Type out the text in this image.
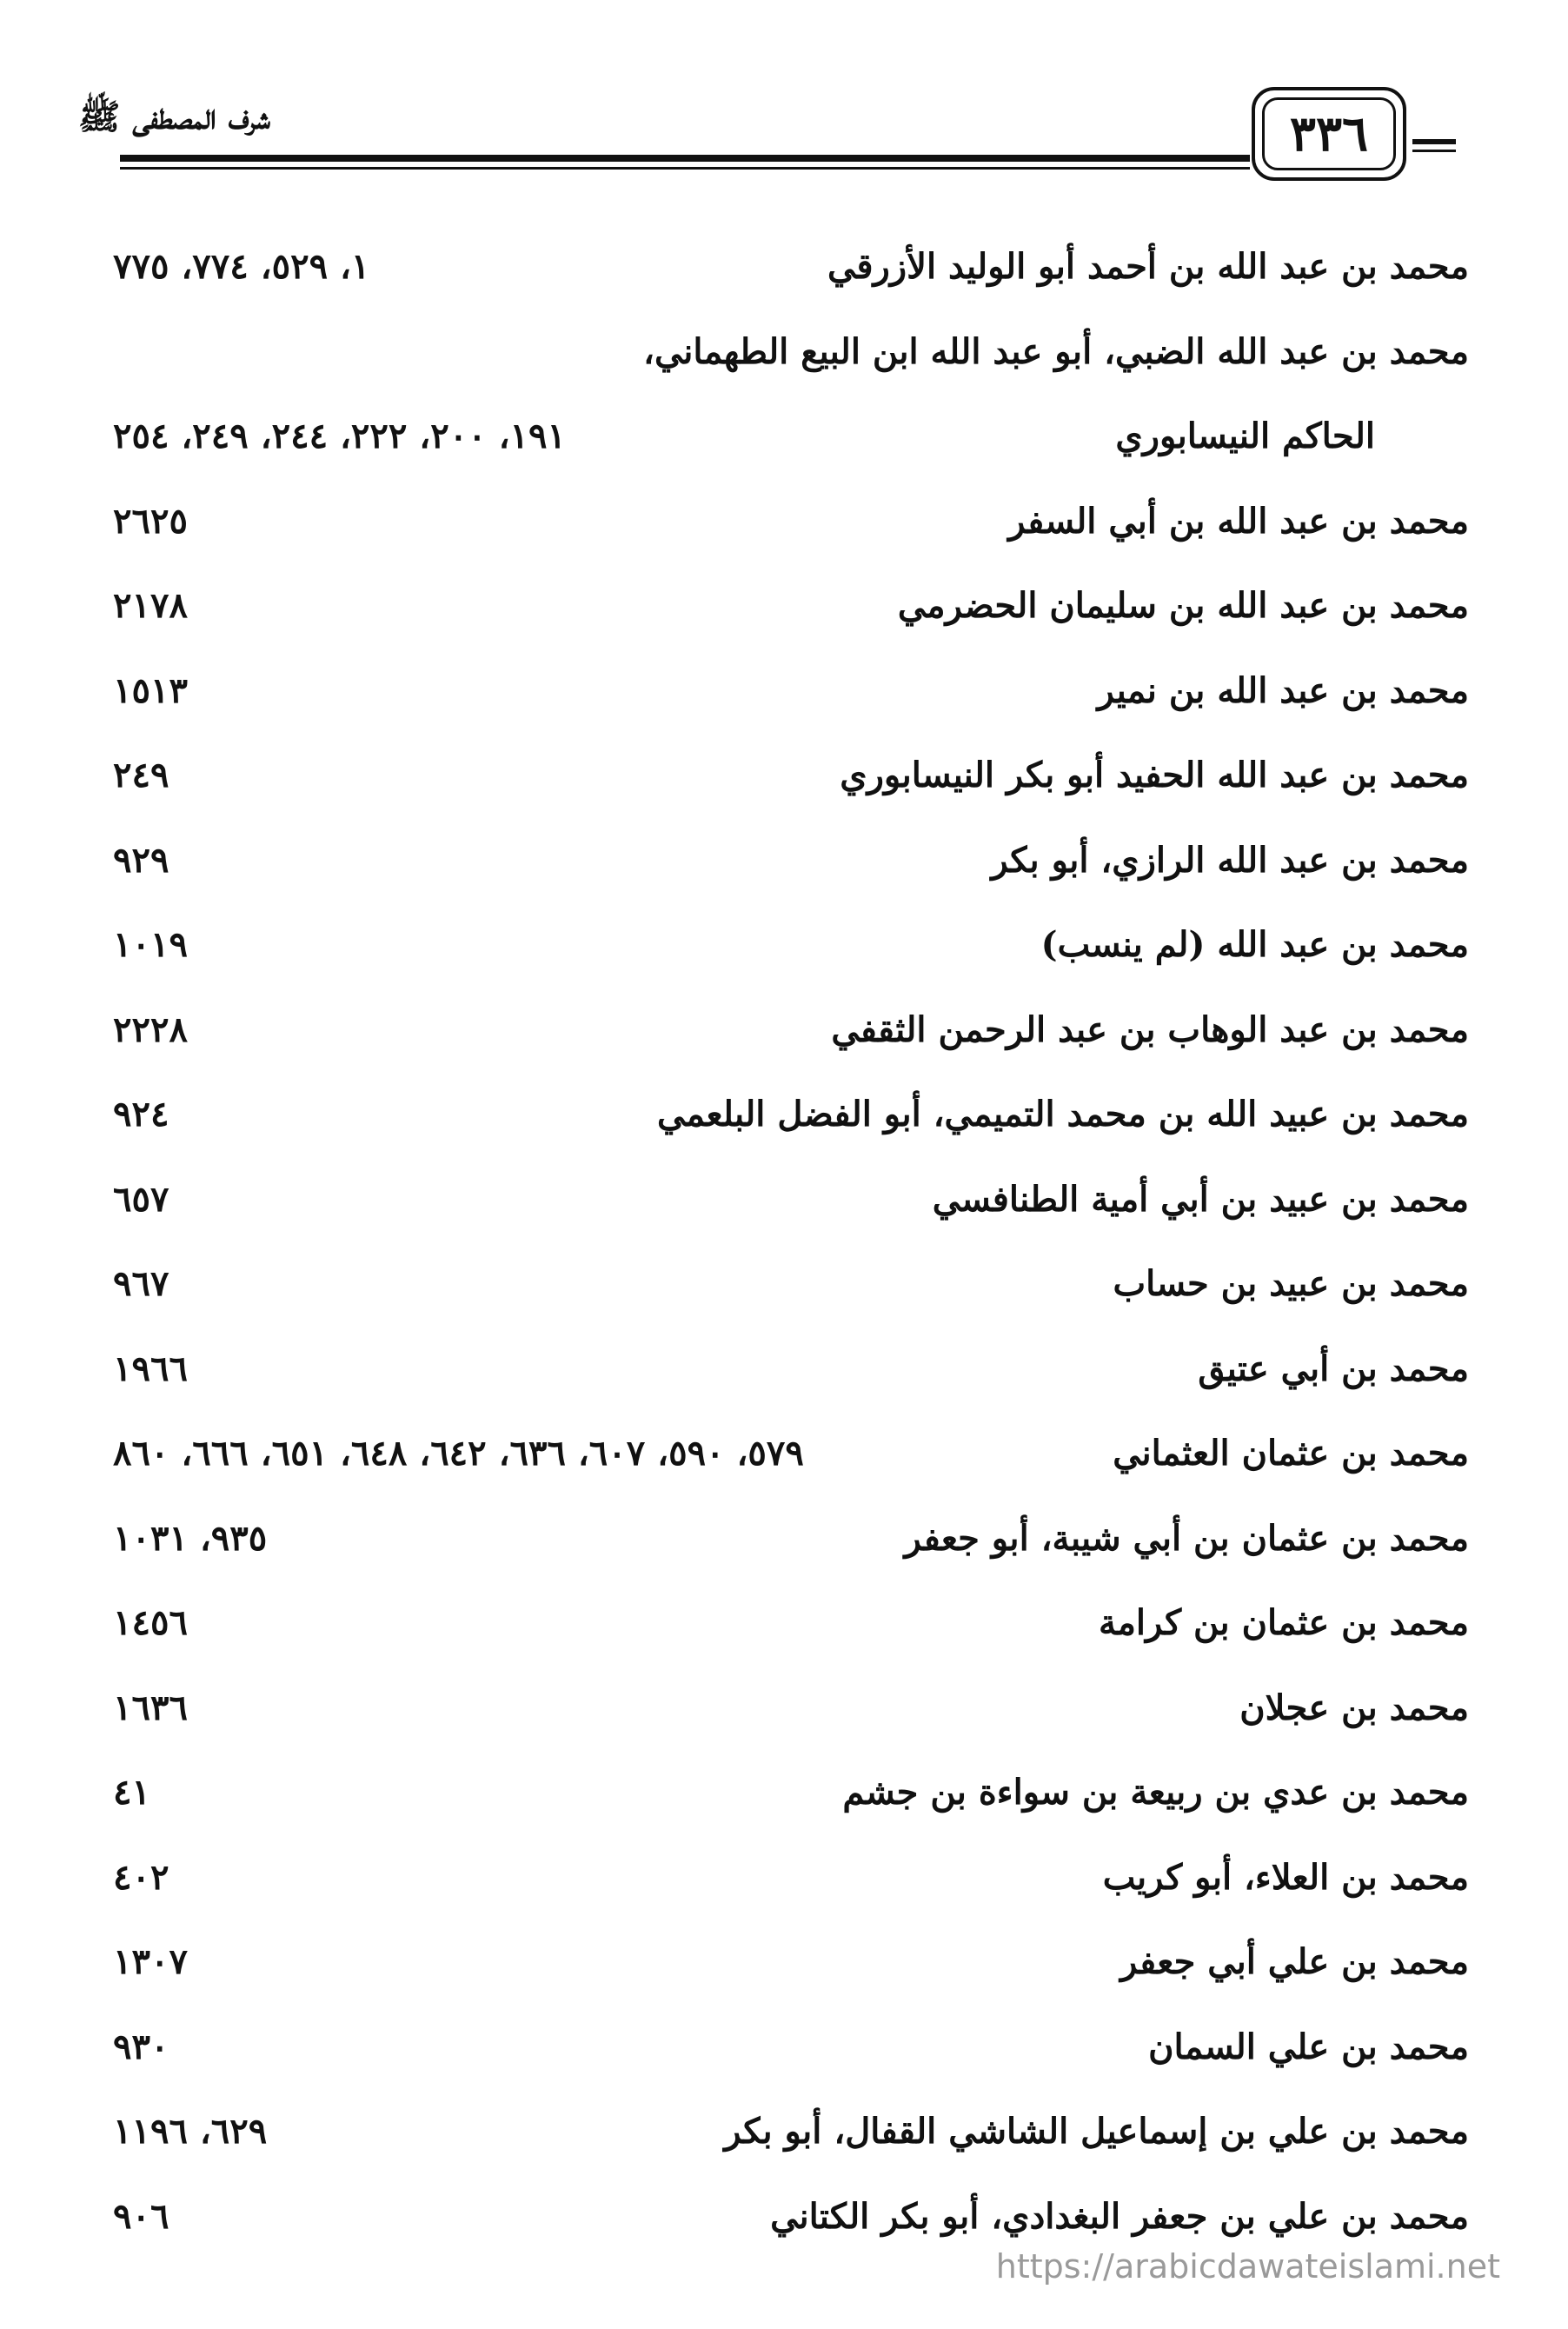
شرف المصطفى ﷺ	٣٣٦
محمد بن عبد الله بن أحمد أبو الوليد الأزرقي
١، ٥٢٩، ٧٧٤، ٧٧٥
محمد بن عبد الله الضبي، أبو عبد الله ابن البيع الطهماني،
الحاكم النيسابوري
١٩١، ٢٠٠، ٢٢٢، ٢٤٤، ٢٤٩، ٢٥٤
محمد بن عبد الله بن أبي السفر
٢٦٢٥
محمد بن عبد الله بن سليمان الحضرمي
٢١٧٨
محمد بن عبد الله بن نمير
١٥١٣
محمد بن عبد الله الحفيد أبو بكر النيسابوري
٢٤٩
محمد بن عبد الله الرازي، أبو بكر
٩٢٩
محمد بن عبد الله (لم ينسب)
١٠١٩
محمد بن عبد الوهاب بن عبد الرحمن الثقفي
٢٢٢٨
محمد بن عبيد الله بن محمد التميمي، أبو الفضل البلعمي
٩٢٤
محمد بن عبيد بن أبي أمية الطنافسي
٦٥٧
محمد بن عبيد بن حساب
٩٦٧
محمد بن أبي عتيق
١٩٦٦
محمد بن عثمان العثماني
٥٧٩، ٥٩٠، ٦٠٧، ٦٣٦، ٦٤٢، ٦٤٨، ٦٥١، ٦٦٦، ٨٦٠
محمد بن عثمان بن أبي شيبة، أبو جعفر
٩٣٥، ١٠٣١
محمد بن عثمان بن كرامة
١٤٥٦
محمد بن عجلان
١٦٣٦
محمد بن عدي بن ربيعة بن سواءة بن جشم
٤١
محمد بن العلاء، أبو كريب
٤٠٢
محمد بن علي أبي جعفر
١٣٠٧
محمد بن علي السمان
٩٣٠
محمد بن علي بن إسماعيل الشاشي القفال، أبو بكر
٦٢٩، ١١٩٦
محمد بن علي بن جعفر البغدادي، أبو بكر الكتاني
٩٠٦
https://arabicdawateislami.net
